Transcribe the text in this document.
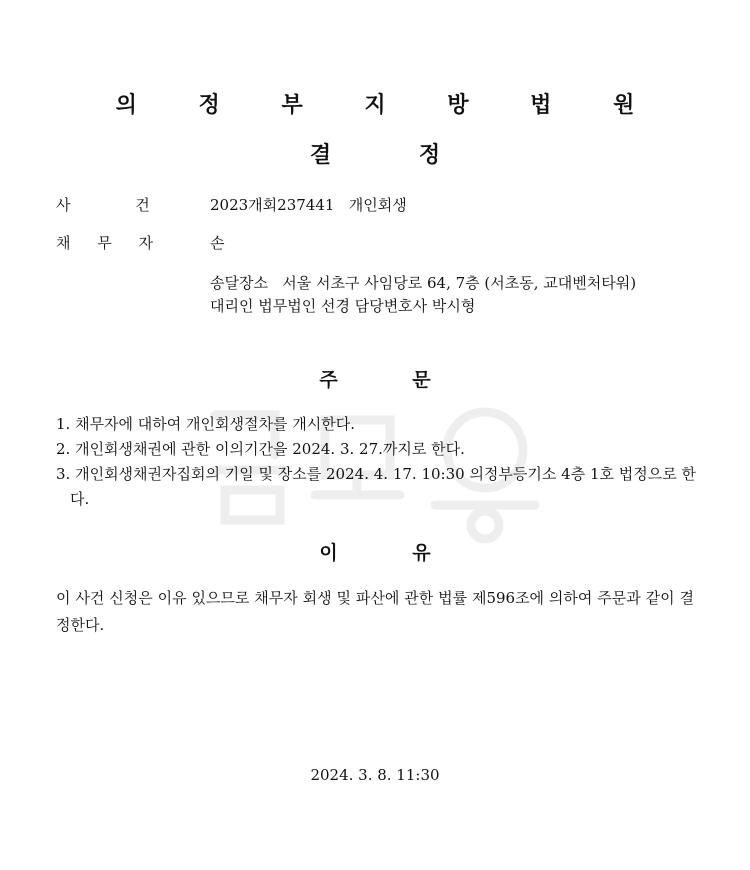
의 정 부 지 방 법 원
결 정
사 건	2023개회237441   개인회생
채 무 자	손
송달장소   서울 서초구 사임당로 64, 7층 (서초동, 교대벤처타워)
대리인 법무법인 선경 담당변호사 박시형
주 문
1. 채무자에 대하여 개인회생절차를 개시한다.
2. 개인회생채권에 관한 이의기간을 2024. 3. 27.까지로 한다.
3. 개인회생채권자집회의 기일 및 장소를 2024. 4. 17. 10:30 의정부등기소 4층 1호 법정으로 한다.
이 유
이 사건 신청은 이유 있으므로 채무자 회생 및 파산에 관한 법률 제596조에 의하여 주문과 같이 결정한다.
2024. 3. 8. 11:30
